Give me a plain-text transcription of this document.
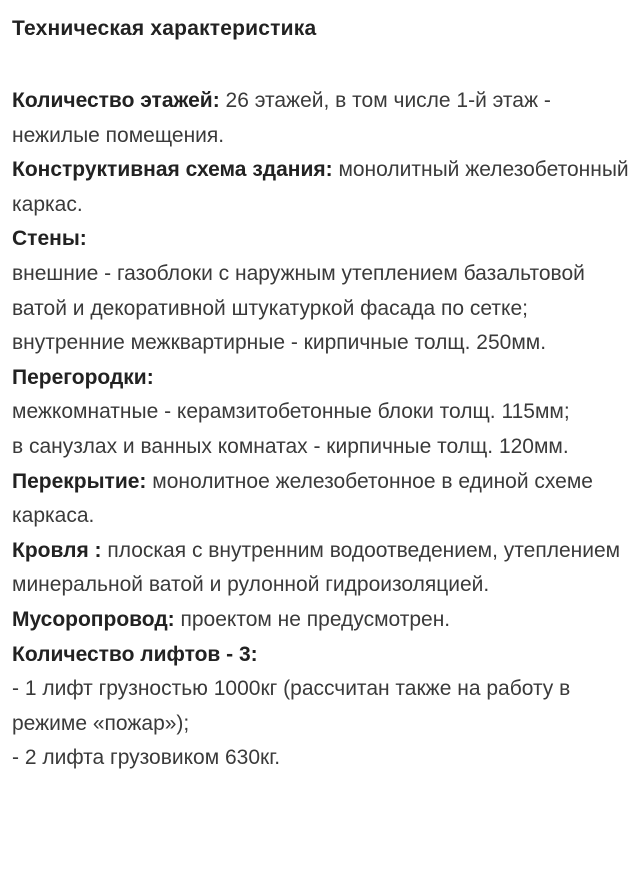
Техническая характеристика

Количество этажей: 26 этажей, в том числе 1-й этаж - нежилые помещения.

Конструктивная схема здания: монолитный железобетонный каркас.

Стены:

внешние - газоблоки с наружным утеплением базальтовой ватой и декоративной штукатуркой фасада по сетке;

внутренние межквартирные - кирпичные толщ. 250мм.

Перегородки:

межкомнатные - керамзитобетонные блоки толщ. 115мм;

в санузлах и ванных комнатах - кирпичные толщ. 120мм.

Перекрытие: монолитное железобетонное в единой схеме каркаса.

Кровля : плоская с внутренним водоотведением, утеплением минеральной ватой и рулонной гидроизоляцией.

Мусоропровод: проектом не предусмотрен.

Количество лифтов - 3:

- 1 лифт грузностью 1000кг (рассчитан также на работу в режиме «пожар»);

- 2 лифта грузовиком 630кг.
